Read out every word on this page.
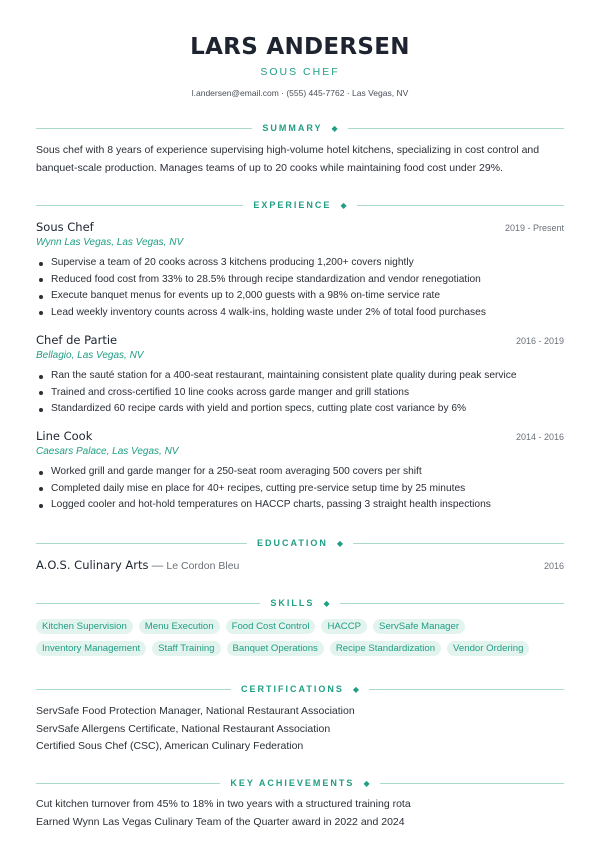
LARS ANDERSEN
SOUS CHEF
l.andersen@email.com · (555) 445-7762 · Las Vegas, NV
SUMMARY	◆
Sous chef with 8 years of experience supervising high-volume hotel kitchens, specializing in cost control and banquet-scale production. Manages teams of up to 20 cooks while maintaining food cost under 29%.
EXPERIENCE	◆
Sous Chef	2019 - Present
Wynn Las Vegas, Las Vegas, NV
Supervise a team of 20 cooks across 3 kitchens producing 1,200+ covers nightly
Reduced food cost from 33% to 28.5% through recipe standardization and vendor renegotiation
Execute banquet menus for events up to 2,000 guests with a 98% on-time service rate
Lead weekly inventory counts across 4 walk-ins, holding waste under 2% of total food purchases
Chef de Partie	2016 - 2019
Bellagio, Las Vegas, NV
Ran the sauté station for a 400-seat restaurant, maintaining consistent plate quality during peak service
Trained and cross-certified 10 line cooks across garde manger and grill stations
Standardized 60 recipe cards with yield and portion specs, cutting plate cost variance by 6%
Line Cook	2014 - 2016
Caesars Palace, Las Vegas, NV
Worked grill and garde manger for a 250-seat room averaging 500 covers per shift
Completed daily mise en place for 40+ recipes, cutting pre-service setup time by 25 minutes
Logged cooler and hot-hold temperatures on HACCP charts, passing 3 straight health inspections
EDUCATION	◆
A.O.S. Culinary Arts — Le Cordon Bleu	2016
SKILLS	◆
Kitchen Supervision	Menu Execution	Food Cost Control	HACCP	ServSafe Manager
Inventory Management	Staff Training	Banquet Operations	Recipe Standardization	Vendor Ordering
CERTIFICATIONS	◆
ServSafe Food Protection Manager, National Restaurant Association
ServSafe Allergens Certificate, National Restaurant Association
Certified Sous Chef (CSC), American Culinary Federation
KEY ACHIEVEMENTS	◆
Cut kitchen turnover from 45% to 18% in two years with a structured training rota
Earned Wynn Las Vegas Culinary Team of the Quarter award in 2022 and 2024
